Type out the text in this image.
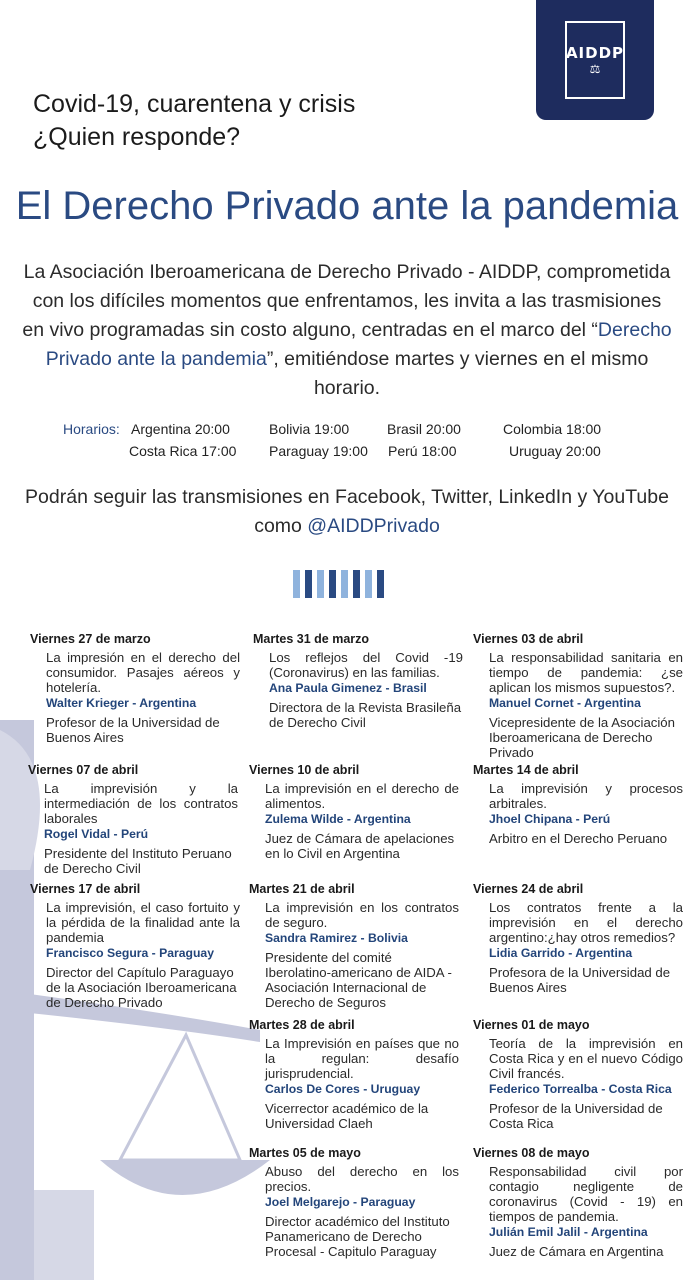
AIDDP
⚖
Covid-19, cuarentena y crisis
¿Quien responde?
El Derecho Privado ante la pandemia

La Asociación Iberoamericana de Derecho Privado - AIDDP, comprometida con los difíciles momentos que enfrentamos, les invita a las trasmisiones en vivo programadas sin costo alguno, centradas en el marco del “Derecho Privado ante la pandemia”, emitiéndose martes y viernes en el mismo horario.

Horarios: Argentina 20:00	Bolivia 19:00	Brasil 20:00	Colombia 18:00
Costa Rica 17:00 Paraguay 19:00 Perú 18:00	Uruguay 20:00

Podrán seguir las transmisiones en Facebook, Twitter, LinkedIn y YouTube como @AIDDPrivado

Viernes 27 de marzo
La impresión en el derecho del consumidor. Pasajes aéreos y hotelería.
Walter Krieger - Argentina
Profesor de la Universidad de Buenos Aires
Martes 31 de marzo
Los reflejos del Covid -19 (Coronavirus) en las familias.
Ana Paula Gimenez - Brasil
Directora de la Revista Brasileña de Derecho Civil
Viernes 03 de abril
La responsabilidad sanitaria en tiempo de pandemia: ¿se aplican los mismos supuestos?.
Manuel Cornet - Argentina
Vicepresidente de la Asociación Iberoamericana de Derecho Privado
Viernes 07 de abril
La imprevisión y la intermediación de los contratos laborales
Rogel Vidal - Perú
Presidente del Instituto Peruano de Derecho Civil
Viernes 10 de abril
La imprevisión en el derecho de alimentos.
Zulema Wilde - Argentina
Juez de Cámara de apelaciones en lo Civil en Argentina
Martes 14 de abril
La imprevisión y procesos arbitrales.
Jhoel Chipana - Perú
Arbitro en el Derecho Peruano
Viernes 17 de abril
La imprevisión, el caso fortuito y la pérdida de la finalidad ante la pandemia
Francisco Segura - Paraguay
Director del Capítulo Paraguayo de la Asociación Iberoamericana de Derecho Privado
Martes 21 de abril
La imprevisión en los contratos de seguro.
Sandra Ramirez - Bolivia
Presidente del comité Iberolatino-americano de AIDA - Asociación Internacional de Derecho de Seguros
Viernes 24 de abril
Los contratos frente a la imprevisión en el derecho argentino:¿hay otros remedios?
Lidia Garrido - Argentina
Profesora de la Universidad de Buenos Aires
Martes 28 de abril
La Imprevisión en países que no la regulan: desafío jurisprudencial.
Carlos De Cores - Uruguay
Vicerrector académico de la Universidad Claeh
Viernes 01 de mayo
Teoría de la imprevisión en Costa Rica y en el nuevo Código Civil francés.
Federico Torrealba - Costa Rica
Profesor de la Universidad de Costa Rica
Martes 05 de mayo
Abuso del derecho en los precios.
Joel Melgarejo - Paraguay
Director académico del Instituto Panamericano de Derecho Procesal - Capitulo Paraguay
Viernes 08 de mayo
Responsabilidad civil por contagio negligente de coronavirus (Covid - 19) en tiempos de pandemia.
Julián Emil Jalil - Argentina
Juez de Cámara en Argentina
